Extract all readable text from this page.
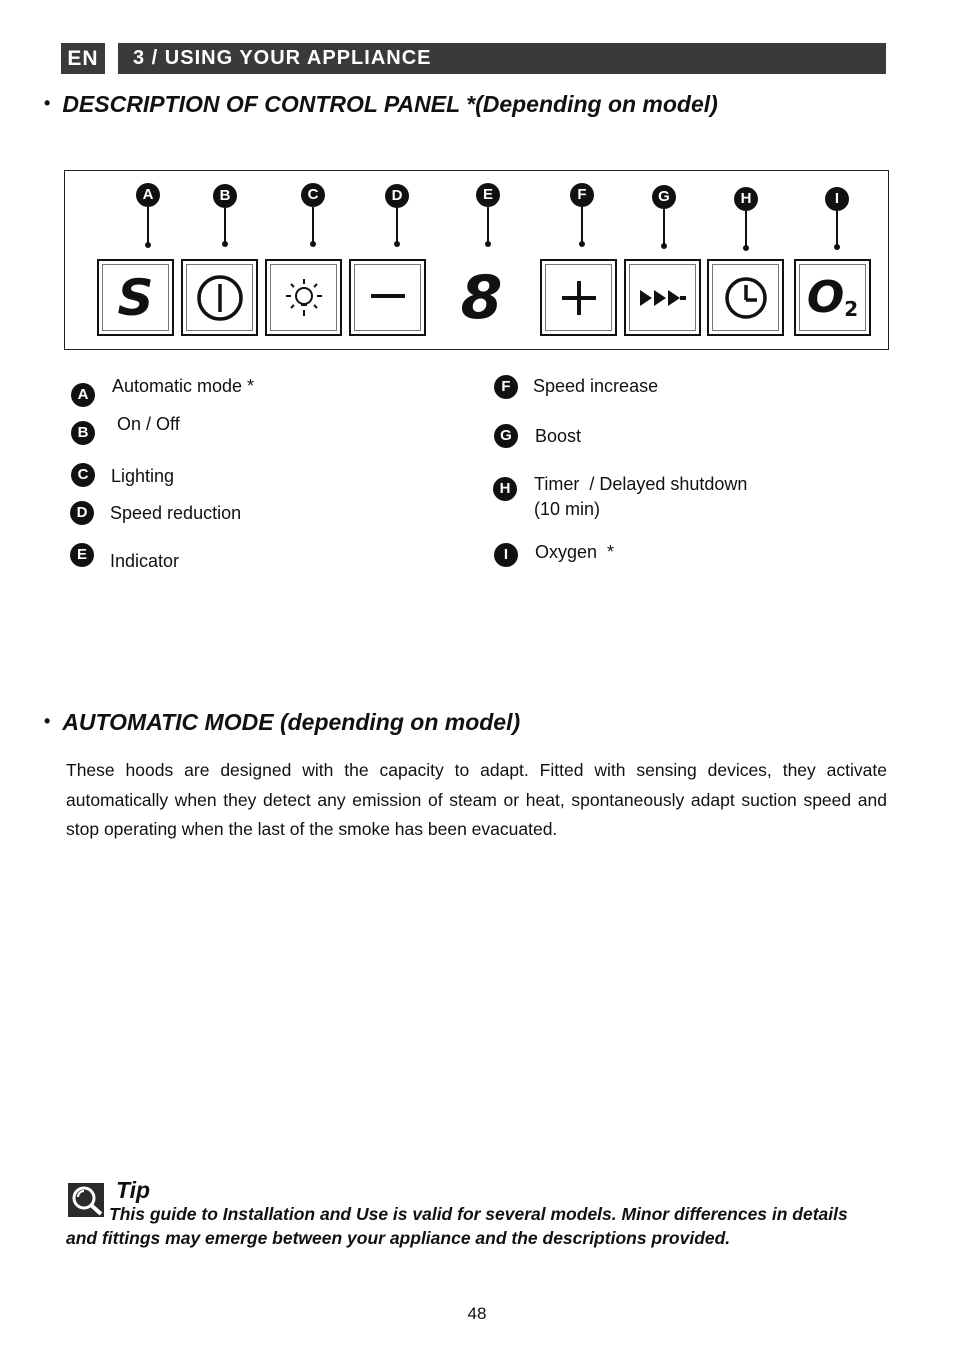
EN	3 / USING YOUR APPLIANCE
• DESCRIPTION OF CONTROL PANEL *(Depending on model)
A	B	C	D	E	F	G	H	I
S	8	O 2
A	Automatic mode *
B	On / Off
C	Lighting
D	Speed reduction
E	Indicator
F	Speed increase
G	Boost
H	Timer  / Delayed shutdown
(10 min)
I	Oxygen  *
• AUTOMATIC MODE (depending on model)
These hoods are designed with the capacity to adapt. Fitted with sensing devices, they activate automatically when they detect any emission of steam or heat, spontaneously adapt suction speed and stop operating when the last of the smoke has been evacuated.
Tip
This guide to Installation and Use is valid for several models. Minor differences in details and fittings may emerge between your appliance and the descriptions provided.
48
